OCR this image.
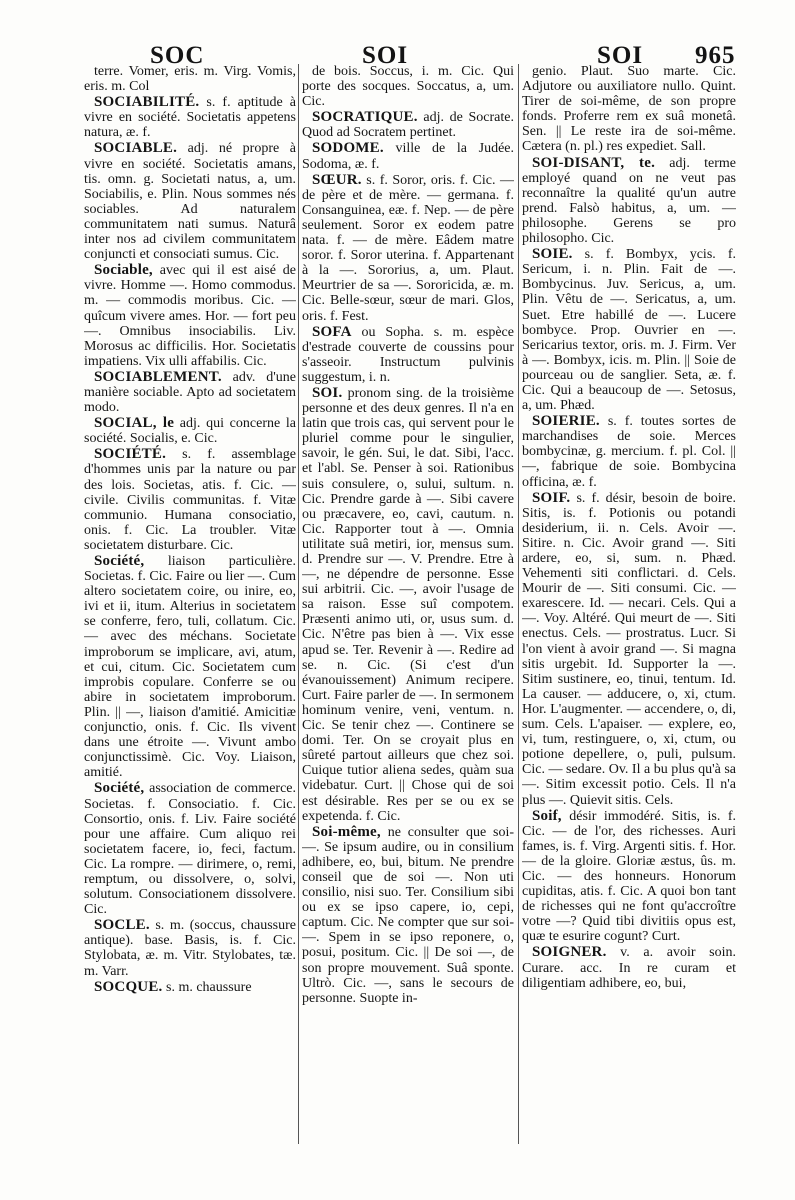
SOC	SOI	SOI 965

terre. Vomer, eris. m. Virg. Vomis, eris. m. Col

SOCIABILITÉ. s. f. aptitude à vivre en société. Societatis appetens natura, æ. f.

SOCIABLE. adj. né propre à vivre en société. Societatis amans, tis. omn. g. Societati natus, a, um. Sociabilis, e. Plin. Nous sommes nés sociables. Ad naturalem communitatem nati sumus. Naturâ inter nos ad civilem communitatem conjuncti et consociati sumus. Cic.

Sociable, avec qui il est aisé de vivre. Homme —. Homo commodus. m. — commodis moribus. Cic. — quîcum vivere ames. Hor. — fort peu —. Omnibus insociabilis. Liv. Morosus ac difficilis. Hor. Societatis impatiens. Vix ulli affabilis. Cic.

SOCIABLEMENT. adv. d'une manière sociable. Apto ad societatem modo.

SOCIAL, le adj. qui concerne la société. Socialis, e. Cic.

SOCIÉTÉ. s. f. assemblage d'hommes unis par la nature ou par des lois. Societas, atis. f. Cic. — civile. Civilis communitas. f. Vitæ communio. Humana consociatio, onis. f. Cic. La troubler. Vitæ societatem disturbare. Cic.

Société, liaison particulière. Societas. f. Cic. Faire ou lier —. Cum altero societatem coire, ou inire, eo, ivi et ii, itum. Alterius in societatem se conferre, fero, tuli, collatum. Cic. — avec des méchans. Societate improborum se implicare, avi, atum, et cui, citum. Cic. Societatem cum improbis copulare. Conferre se ou abire in societatem improborum. Plin. || —, liaison d'amitié. Amicitiæ conjunctio, onis. f. Cic. Ils vivent dans une étroite —. Vivunt ambo conjunctissimè. Cic. Voy. Liaison, amitié.

Société, association de commerce. Societas. f. Consociatio. f. Cic. Consortio, onis. f. Liv. Faire société pour une affaire. Cum aliquo rei societatem facere, io, feci, factum. Cic. La rompre. — dirimere, o, remi, remptum, ou dissolvere, o, solvi, solutum. Consociationem dissolvere. Cic.

SOCLE. s. m. (soccus, chaussure antique). base. Basis, is. f. Cic. Stylobata, æ. m. Vitr. Stylobates, tæ. m. Varr.

SOCQUE. s. m. chaussure

de bois. Soccus, i. m. Cic. Qui porte des socques. Soccatus, a, um. Cic.

SOCRATIQUE. adj. de Socrate. Quod ad Socratem pertinet.

SODOME. ville de la Judée. Sodoma, æ. f.

SŒUR. s. f. Soror, oris. f. Cic. — de père et de mère. — germana. f. Consanguinea, eæ. f. Nep. — de père seulement. Soror ex eodem patre nata. f. — de mère. Eâdem matre soror. f. Soror uterina. f. Appartenant à la —. Sororius, a, um. Plaut. Meurtrier de sa —. Sororicida, æ. m. Cic. Belle-sœur, sœur de mari. Glos, oris. f. Fest.

SOFA ou Sopha. s. m. espèce d'estrade couverte de coussins pour s'asseoir. Instructum pulvinis suggestum, i. n.

SOI. pronom sing. de la troisième personne et des deux genres. Il n'a en latin que trois cas, qui servent pour le pluriel comme pour le singulier, savoir, le gén. Sui, le dat. Sibi, l'acc. et l'abl. Se. Penser à soi. Rationibus suis consulere, o, sului, sultum. n. Cic. Prendre garde à —. Sibi cavere ou præcavere, eo, cavi, cautum. n. Cic. Rapporter tout à —. Omnia utilitate suâ metiri, ior, mensus sum. d. Prendre sur —. V. Prendre. Etre à —, ne dépendre de personne. Esse sui arbitrii. Cic. —, avoir l'usage de sa raison. Esse suî compotem. Præsenti animo uti, or, usus sum. d. Cic. N'être pas bien à —. Vix esse apud se. Ter. Revenir à —. Redire ad se. n. Cic. (Si c'est d'un évanouissement) Animum recipere. Curt. Faire parler de —. In sermonem hominum venire, veni, ventum. n. Cic. Se tenir chez —. Continere se domi. Ter. On se croyait plus en sûreté partout ailleurs que chez soi. Cuique tutior aliena sedes, quàm sua videbatur. Curt. || Chose qui de soi est désirable. Res per se ou ex se expetenda. f. Cic.

Soi-même, ne consulter que soi-—. Se ipsum audire, ou in consilium adhibere, eo, bui, bitum. Ne prendre conseil que de soi —. Non uti consilio, nisi suo. Ter. Consilium sibi ou ex se ipso capere, io, cepi, captum. Cic. Ne compter que sur soi-—. Spem in se ipso reponere, o, posui, positum. Cic. || De soi —, de son propre mouvement. Suâ sponte. Ultrò. Cic. —, sans le secours de personne. Suopte in-

genio. Plaut. Suo marte. Cic. Adjutore ou auxiliatore nullo. Quint. Tirer de soi-même, de son propre fonds. Proferre rem ex suâ monetâ. Sen. || Le reste ira de soi-même. Cætera (n. pl.) res expediet. Sall.

SOI-DISANT, te. adj. terme employé quand on ne veut pas reconnaître la qualité qu'un autre prend. Falsò habitus, a, um. — philosophe. Gerens se pro philosopho. Cic.

SOIE. s. f. Bombyx, ycis. f. Sericum, i. n. Plin. Fait de —. Bombycinus. Juv. Sericus, a, um. Plin. Vêtu de —. Sericatus, a, um. Suet. Etre habillé de —. Lucere bombyce. Prop. Ouvrier en —. Sericarius textor, oris. m. J. Firm. Ver à —. Bombyx, icis. m. Plin. || Soie de pourceau ou de sanglier. Seta, æ. f. Cic. Qui a beaucoup de —. Setosus, a, um. Phæd.

SOIERIE. s. f. toutes sortes de marchandises de soie. Merces bombycinæ, g. mercium. f. pl. Col. || —, fabrique de soie. Bombycina officina, æ. f.

SOIF. s. f. désir, besoin de boire. Sitis, is. f. Potionis ou potandi desiderium, ii. n. Cels. Avoir —. Sitire. n. Cic. Avoir grand —. Siti ardere, eo, si, sum. n. Phæd. Vehementi siti conflictari. d. Cels. Mourir de —. Siti consumi. Cic. — exarescere. Id. — necari. Cels. Qui a —. Voy. Altéré. Qui meurt de —. Siti enectus. Cels. — prostratus. Lucr. Si l'on vient à avoir grand —. Si magna sitis urgebit. Id. Supporter la —. Sitim sustinere, eo, tinui, tentum. Id. La causer. — adducere, o, xi, ctum. Hor. L'augmenter. — accendere, o, di, sum. Cels. L'apaiser. — explere, eo, vi, tum, restinguere, o, xi, ctum, ou potione depellere, o, puli, pulsum. Cic. — sedare. Ov. Il a bu plus qu'à sa —. Sitim excessit potio. Cels. Il n'a plus —. Quievit sitis. Cels.

Soif, désir immodéré. Sitis, is. f. Cic. — de l'or, des richesses. Auri fames, is. f. Virg. Argenti sitis. f. Hor. — de la gloire. Gloriæ æstus, ûs. m. Cic. — des honneurs. Honorum cupiditas, atis. f. Cic. A quoi bon tant de richesses qui ne font qu'accroître votre —? Quid tibi divitiis opus est, quæ te esurire cogunt? Curt.

SOIGNER. v. a. avoir soin. Curare. acc. In re curam et diligentiam adhibere, eo, bui,
